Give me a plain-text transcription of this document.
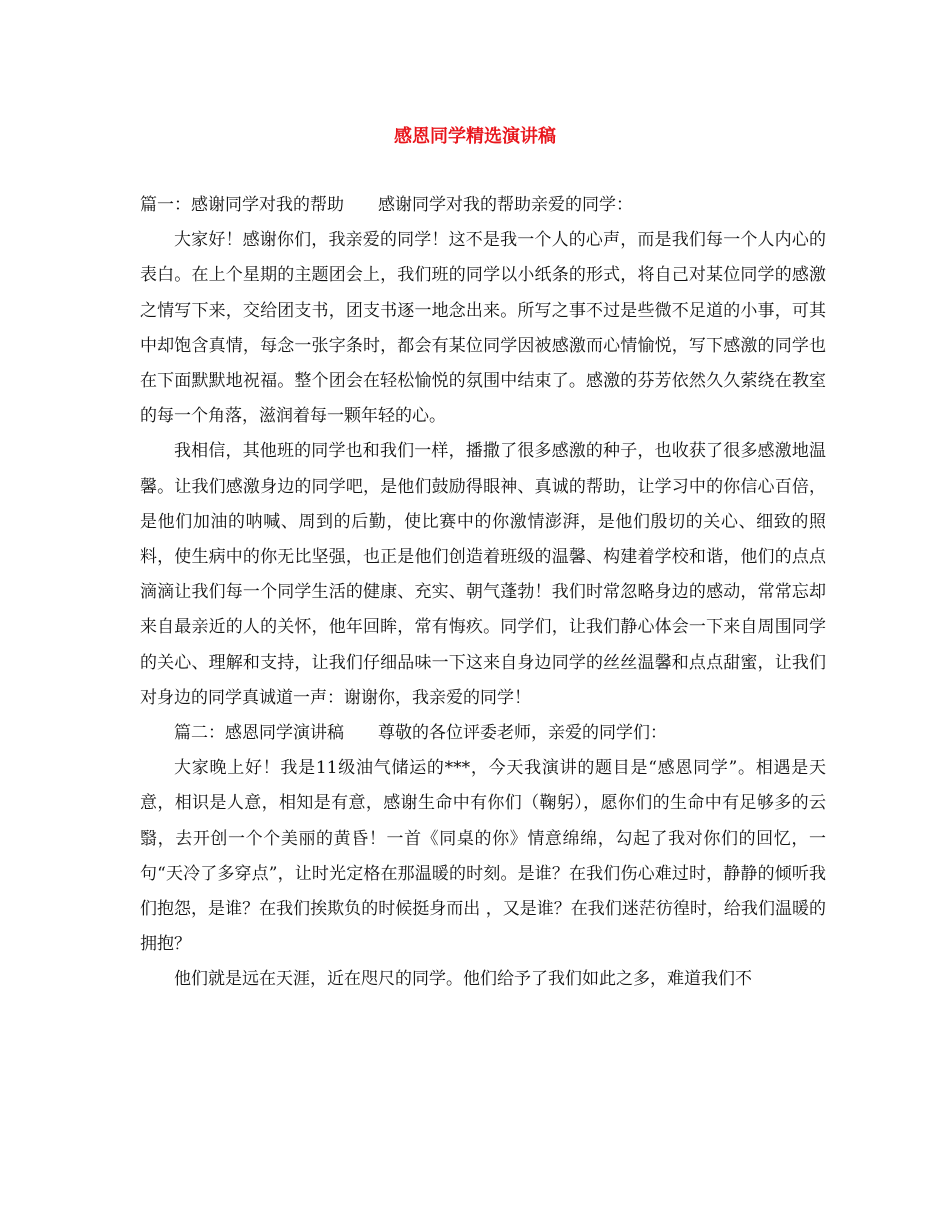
感恩同学精选演讲稿

篇一：感谢同学对我的帮助　　感谢同学对我的帮助亲爱的同学：

大家好！感谢你们，我亲爱的同学！这不是我一个人的心声，而是我们每一个人内心的表白。在上个星期的主题团会上，我们班的同学以小纸条的形式，将自己对某位同学的感激之情写下来，交给团支书，团支书逐一地念出来。所写之事不过是些微不足道的小事，可其中却饱含真情，每念一张字条时，都会有某位同学因被感激而心情愉悦，写下感激的同学也在下面默默地祝福。整个团会在轻松愉悦的氛围中结束了。感激的芬芳依然久久萦绕在教室的每一个角落，滋润着每一颗年轻的心。

我相信，其他班的同学也和我们一样，播撒了很多感激的种子，也收获了很多感激地温馨。让我们感激身边的同学吧，是他们鼓励得眼神、真诚的帮助，让学习中的你信心百倍，是他们加油的呐喊、周到的后勤，使比赛中的你激情澎湃，是他们殷切的关心、细致的照料，使生病中的你无比坚强，也正是他们创造着班级的温馨、构建着学校和谐，他们的点点滴滴让我们每一个同学生活的健康、充实、朝气蓬勃！我们时常忽略身边的感动，常常忘却来自最亲近的人的关怀，他年回眸，常有悔疚。同学们，让我们静心体会一下来自周围同学的关心、理解和支持，让我们仔细品味一下这来自身边同学的丝丝温馨和点点甜蜜，让我们对身边的同学真诚道一声：谢谢你，我亲爱的同学！

篇二：感恩同学演讲稿　　尊敬的各位评委老师，亲爱的同学们：

大家晚上好！我是11级油气储运的***，今天我演讲的题目是“感恩同学”。相遇是天意，相识是人意，相知是有意，感谢生命中有你们（鞠躬），愿你们的生命中有足够多的云翳，去开创一个个美丽的黄昏！一首《同桌的你》情意绵绵，勾起了我对你们的回忆，一句“天冷了多穿点”，让时光定格在那温暖的时刻。是谁？在我们伤心难过时，静静的倾听我们抱怨，是谁？在我们挨欺负的时候挺身而出 ，又是谁？在我们迷茫彷徨时，给我们温暖的拥抱？

他们就是远在天涯，近在咫尺的同学。他们给予了我们如此之多，难道我们不
